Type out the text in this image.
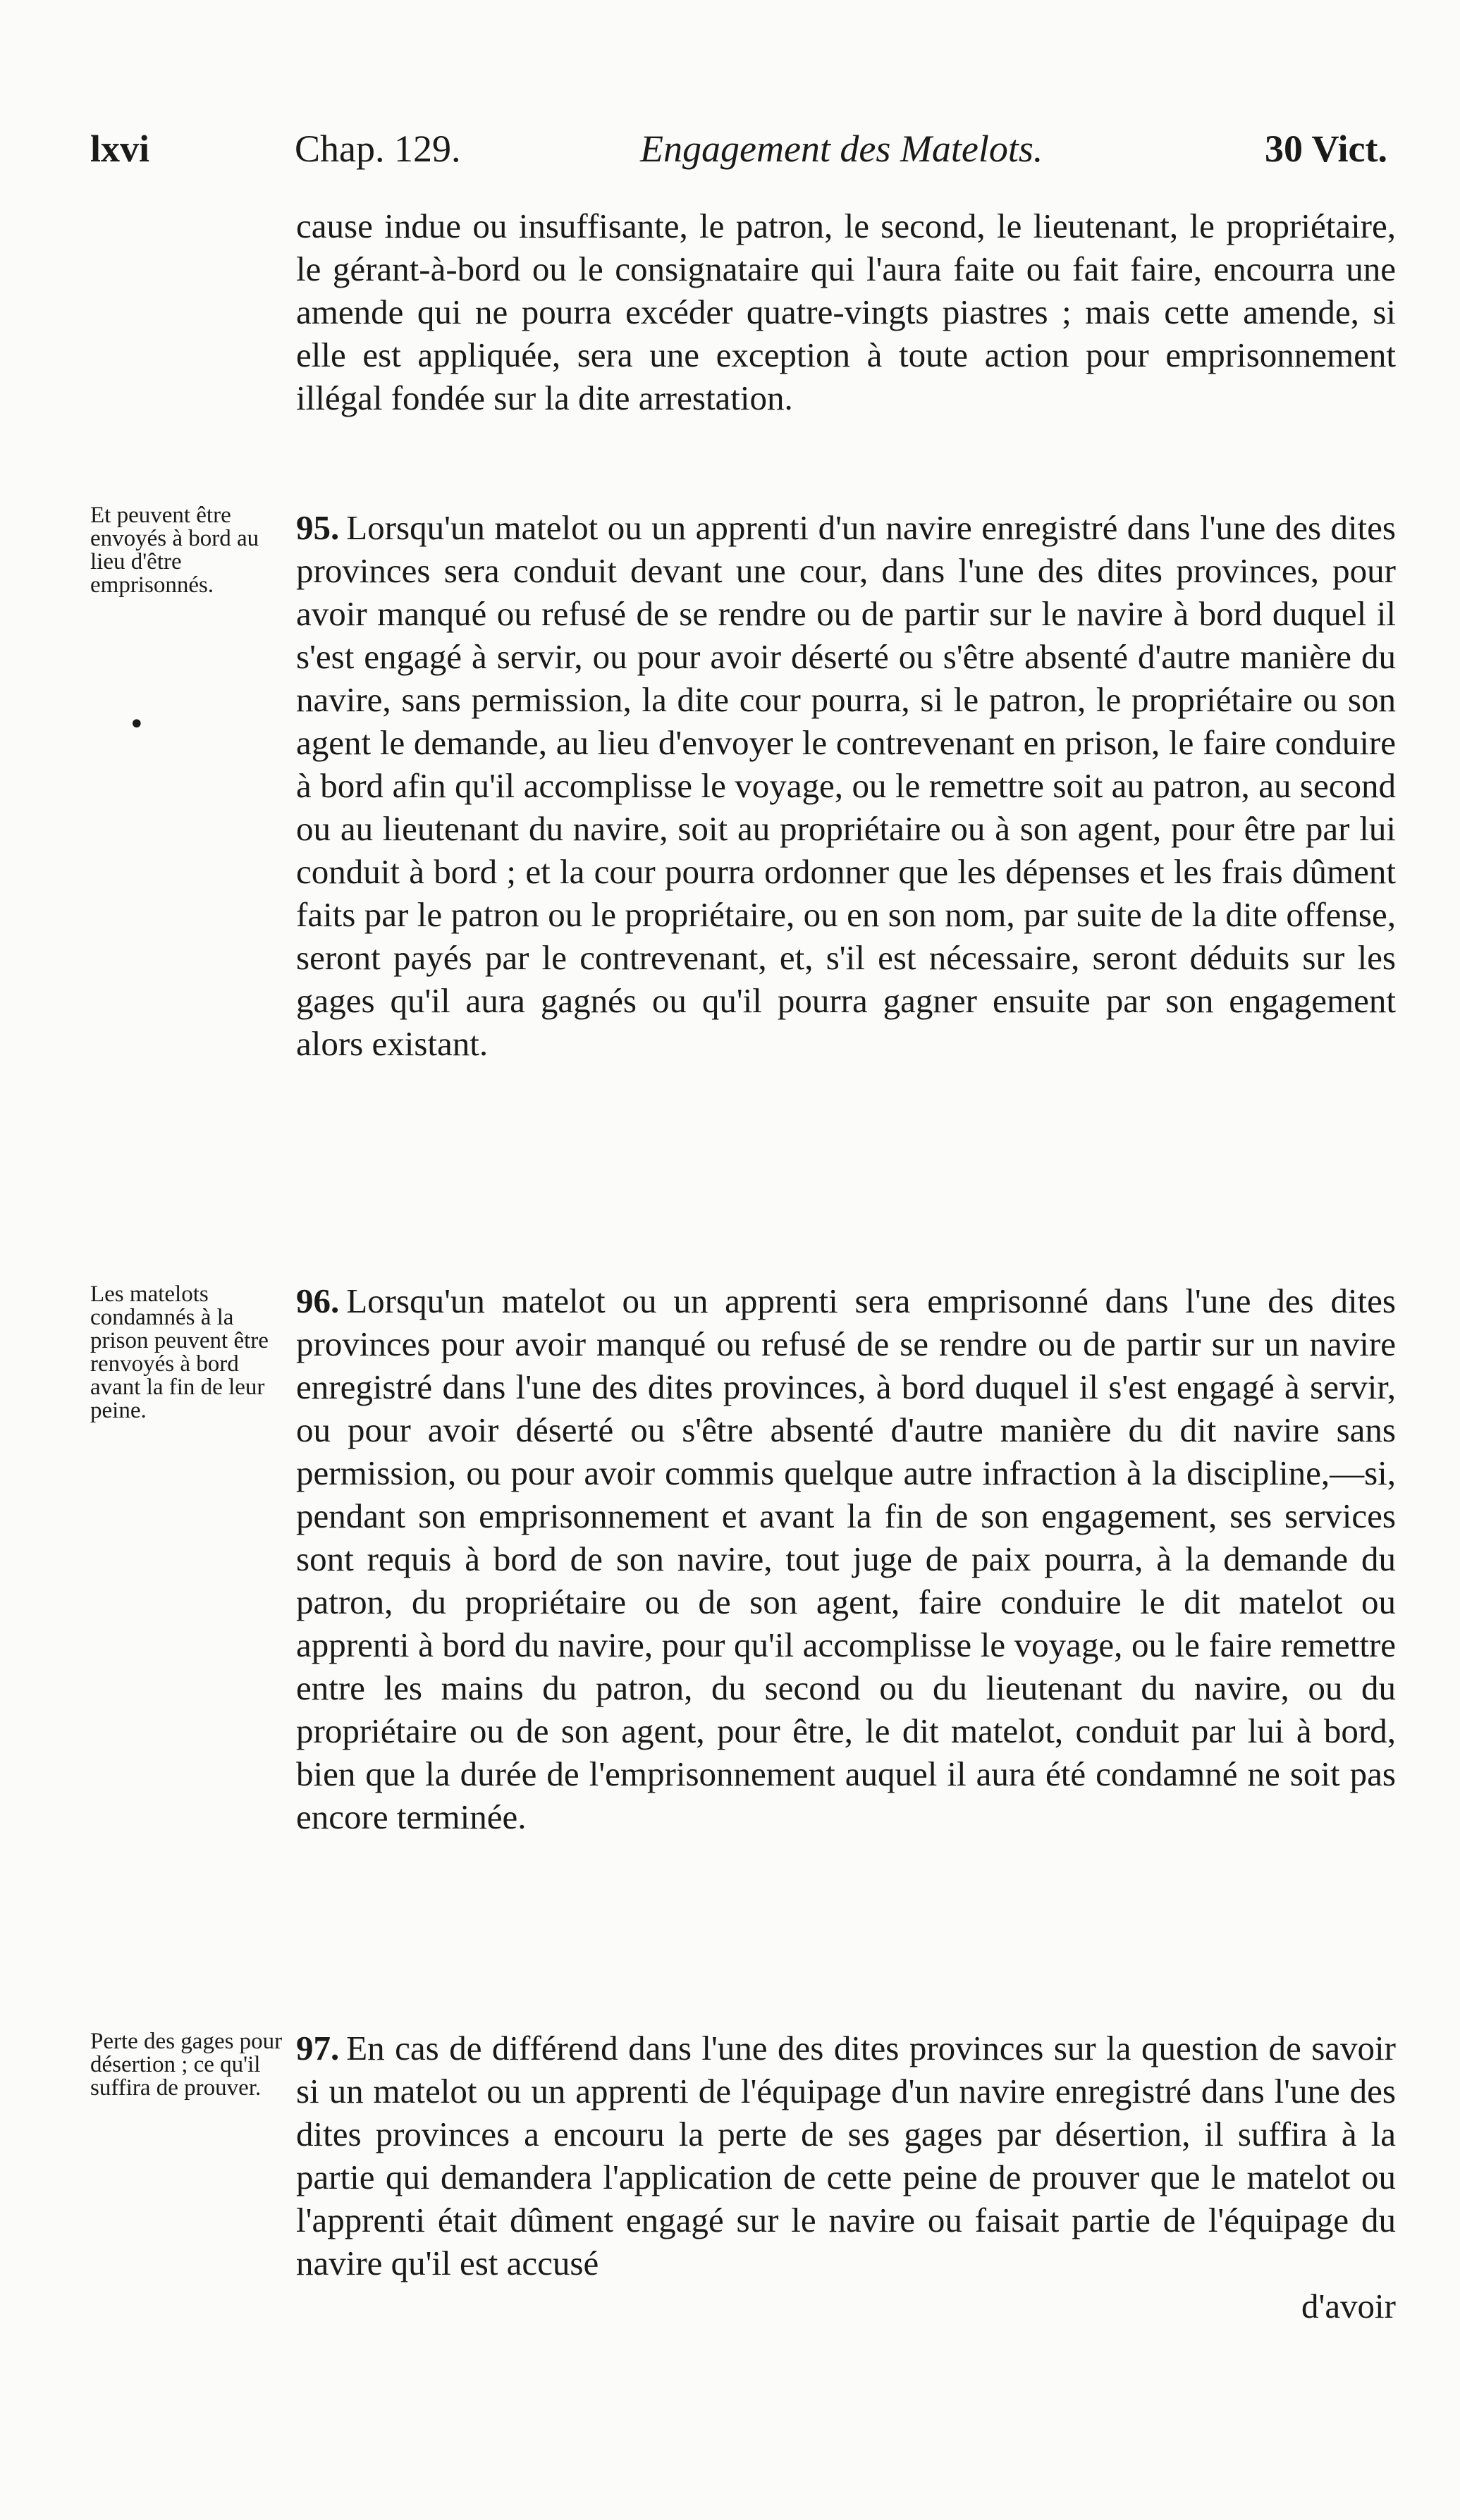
lxvi	Chap. 129.	Engagement des Matelots.	30 Vict.

cause indue ou insuffisante, le patron, le second, le lieutenant, le propriétaire, le gérant-à-bord ou le consignataire qui l'aura faite ou fait faire, encourra une amende qui ne pourra excéder quatre-vingts piastres ; mais cette amende, si elle est appliquée, sera une exception à toute action pour emprisonnement illégal fondée sur la dite arrestation.

Et peuvent être envoyés à bord au lieu d'être emprisonnés.
•

95. Lorsqu'un matelot ou un apprenti d'un navire enregistré dans l'une des dites provinces sera conduit devant une cour, dans l'une des dites provinces, pour avoir manqué ou refusé de se rendre ou de partir sur le navire à bord duquel il s'est engagé à servir, ou pour avoir déserté ou s'être absenté d'autre manière du navire, sans permission, la dite cour pourra, si le patron, le propriétaire ou son agent le demande, au lieu d'envoyer le contrevenant en prison, le faire conduire à bord afin qu'il accomplisse le voyage, ou le remettre soit au patron, au second ou au lieutenant du navire, soit au propriétaire ou à son agent, pour être par lui conduit à bord ; et la cour pourra ordonner que les dépenses et les frais dûment faits par le patron ou le propriétaire, ou en son nom, par suite de la dite offense, seront payés par le contrevenant, et, s'il est nécessaire, seront déduits sur les gages qu'il aura gagnés ou qu'il pourra gagner ensuite par son engagement alors existant.

Les matelots condamnés à la prison peuvent être renvoyés à bord avant la fin de leur peine.

96. Lorsqu'un matelot ou un apprenti sera emprisonné dans l'une des dites provinces pour avoir manqué ou refusé de se rendre ou de partir sur un navire enregistré dans l'une des dites provinces, à bord duquel il s'est engagé à servir, ou pour avoir déserté ou s'être absenté d'autre manière du dit navire sans permission, ou pour avoir commis quelque autre infraction à la discipline,—si, pendant son emprisonnement et avant la fin de son engagement, ses services sont requis à bord de son navire, tout juge de paix pourra, à la demande du patron, du propriétaire ou de son agent, faire conduire le dit matelot ou apprenti à bord du navire, pour qu'il accomplisse le voyage, ou le faire remettre entre les mains du patron, du second ou du lieutenant du navire, ou du propriétaire ou de son agent, pour être, le dit matelot, conduit par lui à bord, bien que la durée de l'emprisonnement auquel il aura été condamné ne soit pas encore terminée.

Perte des gages pour désertion ; ce qu'il suffira de prouver.

97. En cas de différend dans l'une des dites provinces sur la question de savoir si un matelot ou un apprenti de l'équipage d'un navire enregistré dans l'une des dites provinces a encouru la perte de ses gages par désertion, il suffira à la partie qui demandera l'application de cette peine de prouver que le matelot ou l'apprenti était dûment engagé sur le navire ou faisait partie de l'équipage du navire qu'il est accusé

d'avoir
